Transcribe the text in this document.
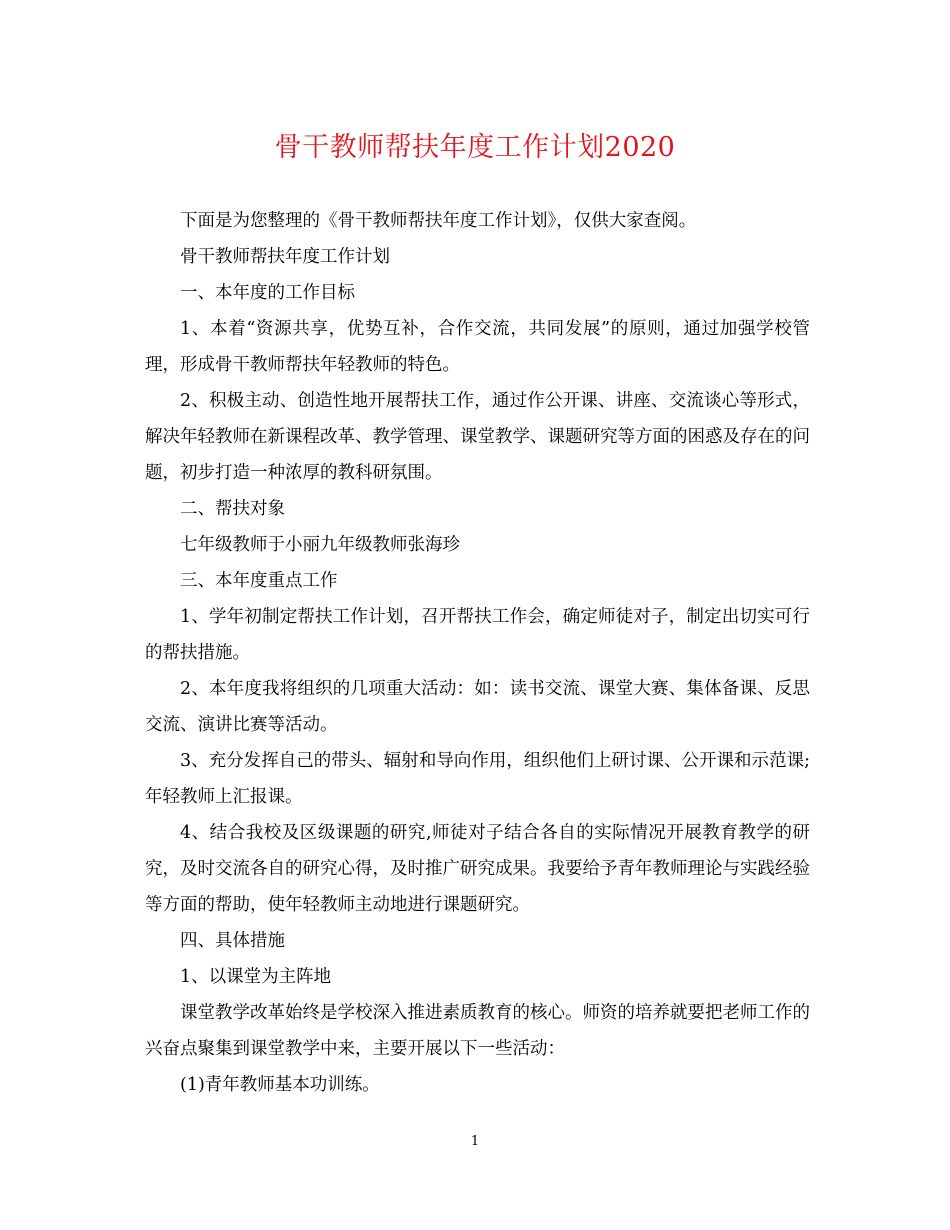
骨干教师帮扶年度工作计划2020

下面是为您整理的《骨干教师帮扶年度工作计划》，仅供大家查阅。

骨干教师帮扶年度工作计划

一、本年度的工作目标

1、本着“资源共享，优势互补，合作交流，共同发展”的原则，通过加强学校管理，形成骨干教师帮扶年轻教师的特色。

2、积极主动、创造性地开展帮扶工作，通过作公开课、讲座、交流谈心等形式，解决年轻教师在新课程改革、教学管理、课堂教学、课题研究等方面的困惑及存在的问题，初步打造一种浓厚的教科研氛围。

二、帮扶对象

七年级教师于小丽九年级教师张海珍

三、本年度重点工作

1、学年初制定帮扶工作计划，召开帮扶工作会，确定师徒对子，制定出切实可行的帮扶措施。

2、本年度我将组织的几项重大活动：如：读书交流、课堂大赛、集体备课、反思交流、演讲比赛等活动。

3、充分发挥自己的带头、辐射和导向作用，组织他们上研讨课、公开课和示范课;年轻教师上汇报课。

4、结合我校及区级课题的研究,师徒对子结合各自的实际情况开展教育教学的研究，及时交流各自的研究心得，及时推广研究成果。我要给予青年教师理论与实践经验等方面的帮助，使年轻教师主动地进行课题研究。

四、具体措施

1、以课堂为主阵地

课堂教学改革始终是学校深入推进素质教育的核心。师资的培养就要把老师工作的兴奋点聚集到课堂教学中来，主要开展以下一些活动：

(1)青年教师基本功训练。

1
